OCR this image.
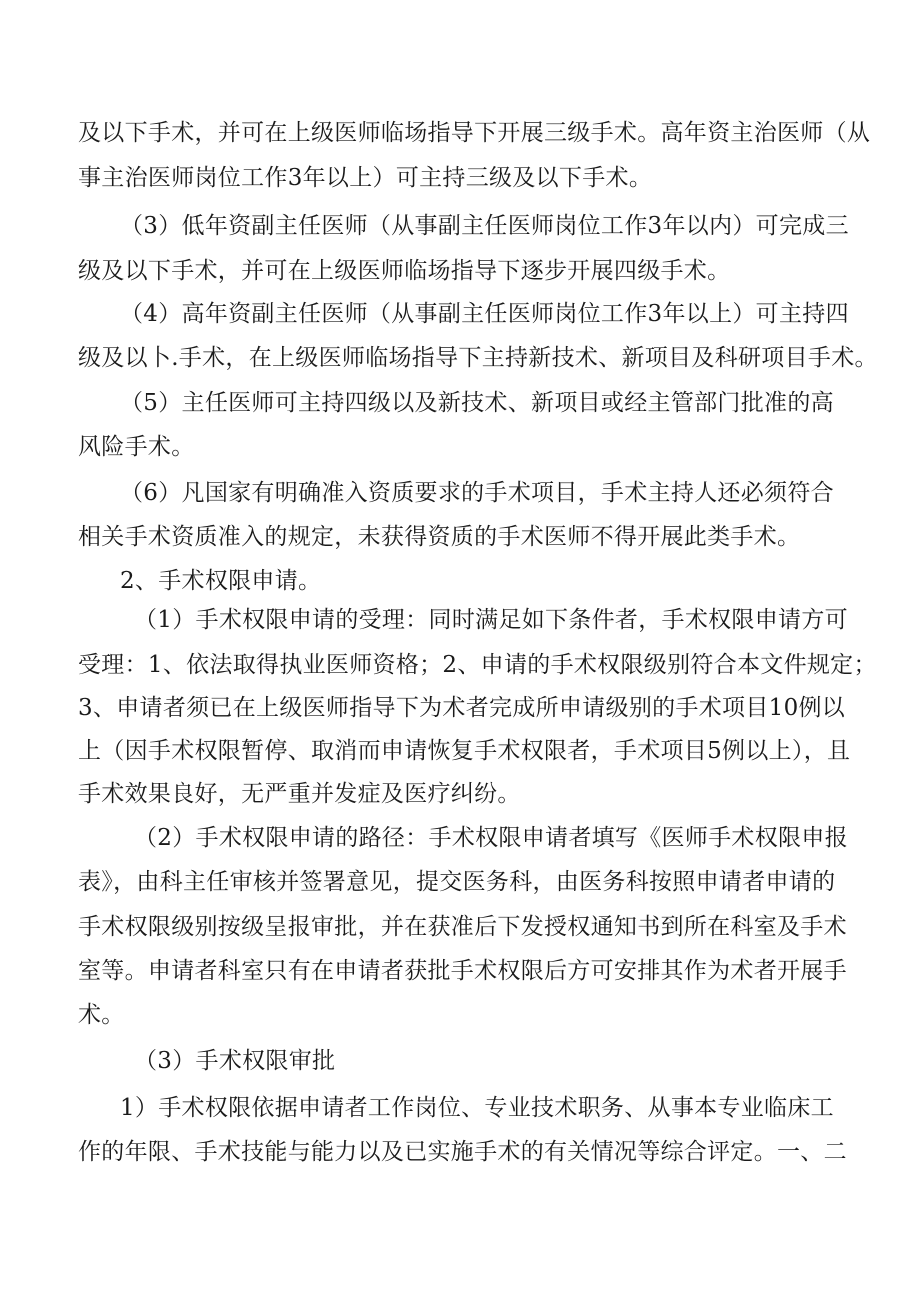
及以下手术，并可在上级医师临场指导下开展三级手术。高年资主治医师（从
事主治医师岗位工作3年以上）可主持三级及以下手术。
（3）低年资副主任医师（从事副主任医师岗位工作3年以内）可完成三
级及以下手术，并可在上级医师临场指导下逐步开展四级手术。
（4）高年资副主任医师（从事副主任医师岗位工作3年以上）可主持四
级及以卜.手术，在上级医师临场指导下主持新技术、新项目及科研项目手术。
（5）主任医师可主持四级以及新技术、新项目或经主管部门批准的高
风险手术。
（6）凡国家有明确准入资质要求的手术项目，手术主持人还必须符合
相关手术资质准入的规定，未获得资质的手术医师不得开展此类手术。
2、手术权限申请。
（1）手术权限申请的受理：同时满足如下条件者，手术权限申请方可
受理：1、依法取得执业医师资格；2、申请的手术权限级别符合本文件规定；
3、申请者须已在上级医师指导下为术者完成所申请级别的手术项目10例以
上（因手术权限暂停、取消而申请恢复手术权限者，手术项目5例以上），且
手术效果良好，无严重并发症及医疗纠纷。
（2）手术权限申请的路径：手术权限申请者填写《医师手术权限申报
表》，由科主任审核并签署意见，提交医务科，由医务科按照申请者申请的
手术权限级别按级呈报审批，并在获准后下发授权通知书到所在科室及手术
室等。申请者科室只有在申请者获批手术权限后方可安排其作为术者开展手
术。
（3）手术权限审批
1）手术权限依据申请者工作岗位、专业技术职务、从事本专业临床工
作的年限、手术技能与能力以及已实施手术的有关情况等综合评定。一、二
